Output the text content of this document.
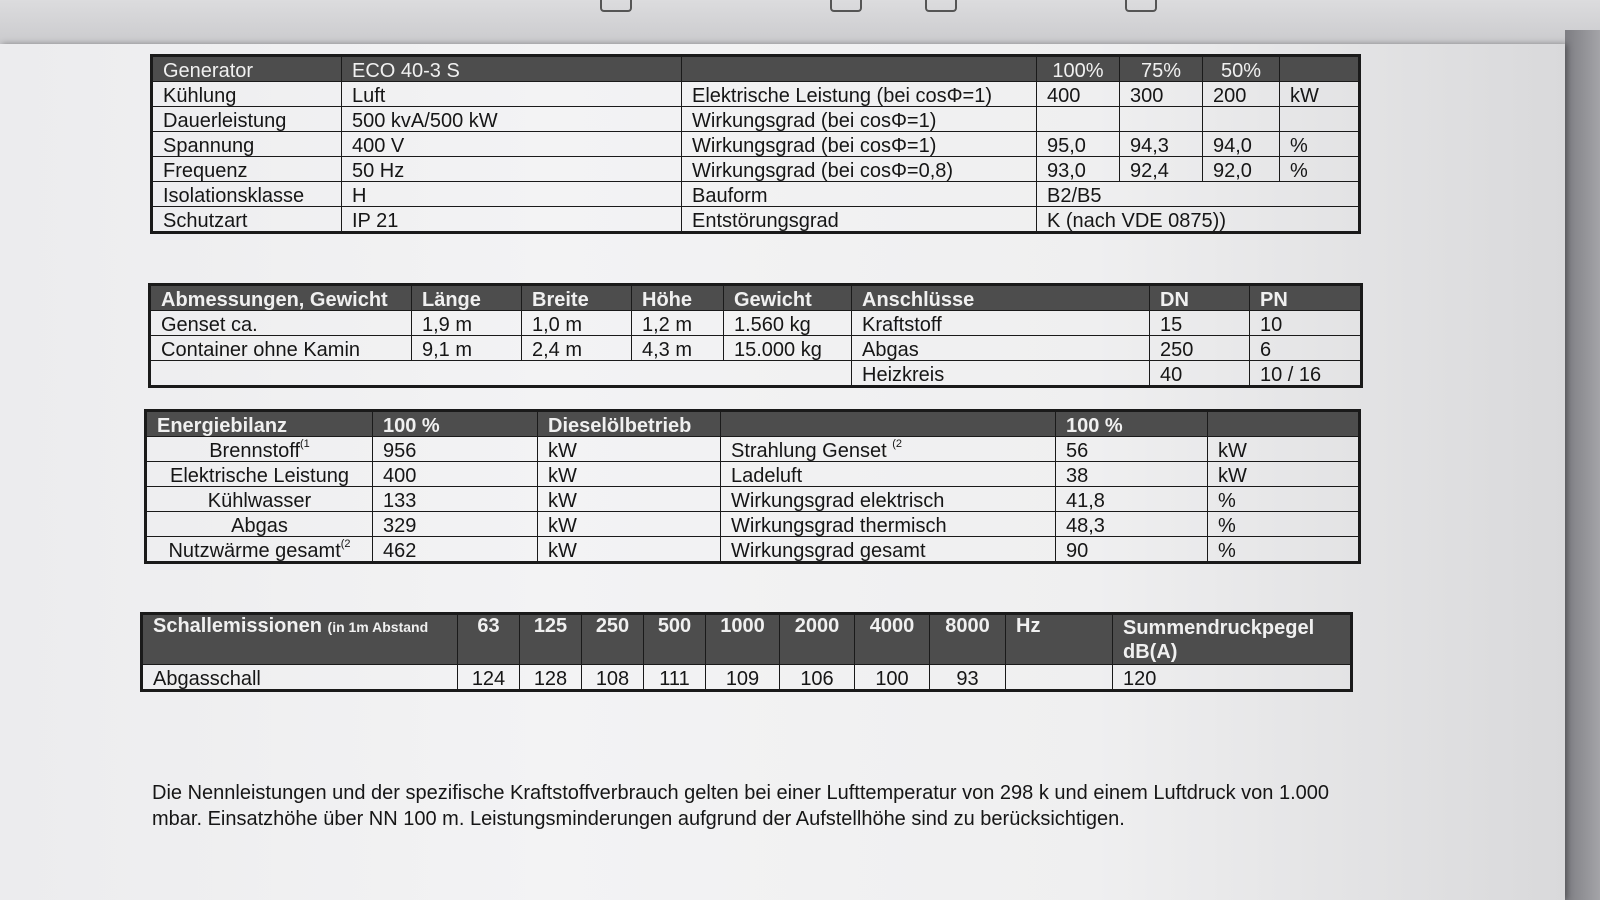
Generator	ECO 40-3 S		100%	75%	50%	
Kühlung	Luft	Elektrische Leistung (bei cosΦ=1)	400	300	200	kW
Dauerleistung	500 kvA/500 kW	Wirkungsgrad (bei cosΦ=1)				
Spannung	400 V	Wirkungsgrad (bei cosΦ=1)	95,0	94,3	94,0	%
Frequenz	50 Hz	Wirkungsgrad (bei cosΦ=0,8)	93,0	92,4	92,0	%
Isolationsklasse	H	Bauform	B2/B5			
Schutzart	IP 21	Entstörungsgrad	K (nach VDE 0875))			
Abmessungen, Gewicht	Länge	Breite	Höhe	Gewicht	Anschlüsse	DN	PN
Genset ca.	1,9 m	1,0 m	1,2 m	1.560 kg	Kraftstoff	15	10
Container ohne Kamin	9,1 m	2,4 m	4,3 m	15.000 kg	Abgas	250	6
					Heizkreis	40	10 / 16
Energiebilanz	100 %	Dieselölbetrieb		100 %	
Brennstoff$^{(1}$	956	kW	Strahlung Genset $^{(2}$	56	kW
Elektrische Leistung	400	kW	Ladeluft	38	kW
Kühlwasser	133	kW	Wirkungsgrad elektrisch	41,8	%
Abgas	329	kW	Wirkungsgrad thermisch	48,3	%
Nutzwärme gesamt$^{(2}$	462	kW	Wirkungsgrad gesamt	90	%
Schallemissionen (in 1m Abstand	63	125	250	500	1000	2000	4000	8000	Hz	Summendruckpegel
dB(A)
Abgasschall	124	128	108	111	109	106	100	93		120

Die Nennleistungen und der spezifische Kraftstoffverbrauch gelten bei einer Lufttemperatur von 298 k und einem Luftdruck von 1.000 mbar. Einsatzhöhe über NN 100 m. Leistungsminderungen aufgrund der Aufstellhöhe sind zu berücksichtigen.
